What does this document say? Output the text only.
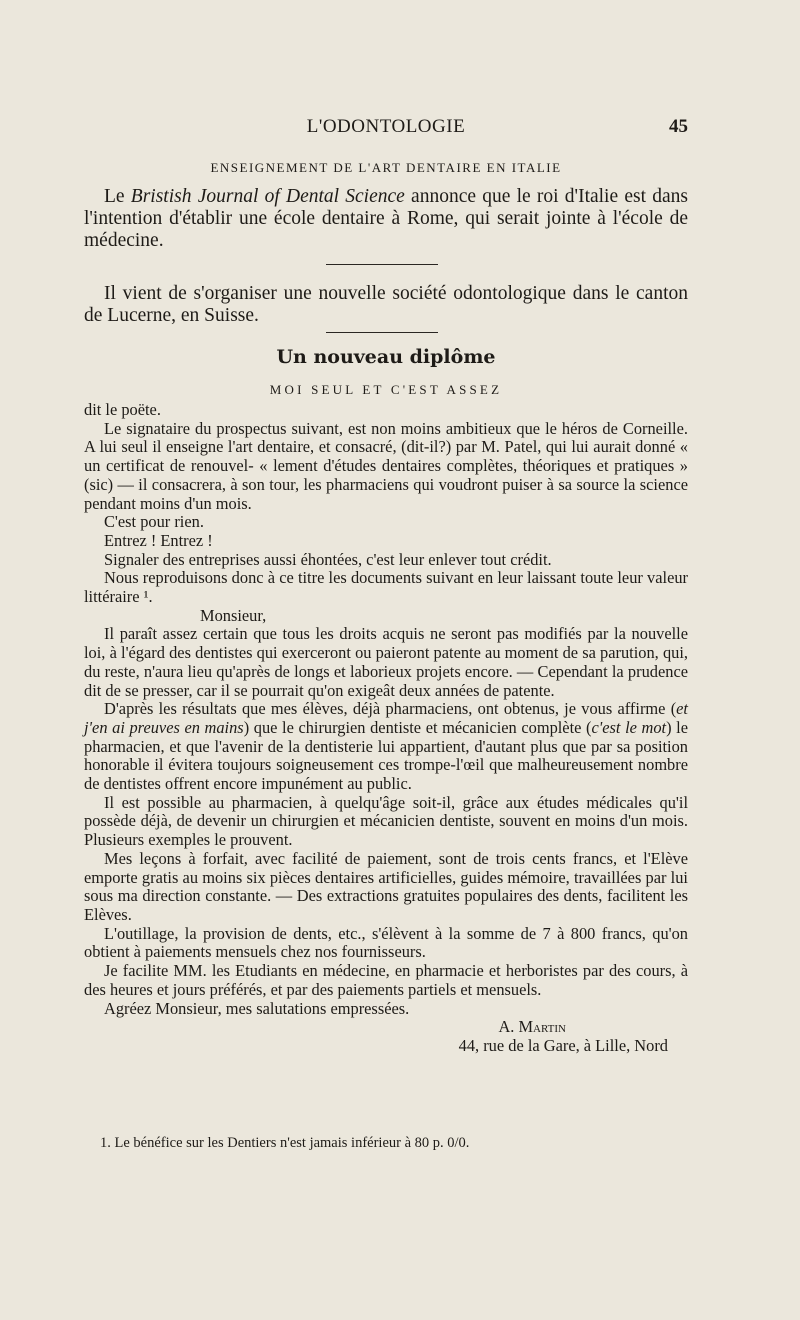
L'ODONTOLOGIE	45
ENSEIGNEMENT DE L'ART DENTAIRE EN ITALIE
Le Bristish Journal of Dental Science annonce que le roi d'Italie est dans l'intention d'établir une école dentaire à Rome, qui serait jointe à l'école de médecine.
Il vient de s'organiser une nouvelle société odontologique dans le canton de Lucerne, en Suisse.
Un nouveau diplôme
MOI SEUL ET C'EST ASSEZ

dit le poëte.

Le signataire du prospectus suivant, est non moins ambitieux que le héros de Corneille. A lui seul il enseigne l'art dentaire, et consacré, (dit-il?) par M. Patel, qui lui aurait donné « un certificat de renouvel- « lement d'études dentaires complètes, théoriques et pratiques » (sic) — il consacrera, à son tour, les pharmaciens qui voudront puiser à sa source la science pendant moins d'un mois.

C'est pour rien.

Entrez ! Entrez !

Signaler des entreprises aussi éhontées, c'est leur enlever tout crédit.

Nous reproduisons donc à ce titre les documents suivant en leur laissant toute leur valeur littéraire ¹.

Monsieur,

Il paraît assez certain que tous les droits acquis ne seront pas modifiés par la nouvelle loi, à l'égard des dentistes qui exerceront ou paieront patente au moment de sa parution, qui, du reste, n'aura lieu qu'après de longs et laborieux projets encore. — Cependant la prudence dit de se presser, car il se pourrait qu'on exigeât deux années de patente.

D'après les résultats que mes élèves, déjà pharmaciens, ont obtenus, je vous affirme (et j'en ai preuves en mains) que le chirurgien dentiste et mécanicien complète (c'est le mot) le pharmacien, et que l'avenir de la dentisterie lui appartient, d'autant plus que par sa position honorable il évitera toujours soigneusement ces trompe-l'œil que malheureusement nombre de dentistes offrent encore impunément au public.

Il est possible au pharmacien, à quelqu'âge soit-il, grâce aux études médicales qu'il possède déjà, de devenir un chirurgien et mécanicien dentiste, souvent en moins d'un mois. Plusieurs exemples le prouvent.

Mes leçons à forfait, avec facilité de paiement, sont de trois cents francs, et l'Elève emporte gratis au moins six pièces dentaires artificielles, guides mémoire, travaillées par lui sous ma direction constante. — Des extractions gratuites populaires des dents, facilitent les Elèves.

L'outillage, la provision de dents, etc., s'élèvent à la somme de 7 à 800 francs, qu'on obtient à paiements mensuels chez nos fournisseurs.

Je facilite MM. les Etudiants en médecine, en pharmacie et herboristes par des cours, à des heures et jours préférés, et par des paiements partiels et mensuels.

Agréez Monsieur, mes salutations empressées.

A. Martin

44, rue de la Gare, à Lille, Nord

1. Le bénéfice sur les Dentiers n'est jamais inférieur à 80 p. 0/0.
